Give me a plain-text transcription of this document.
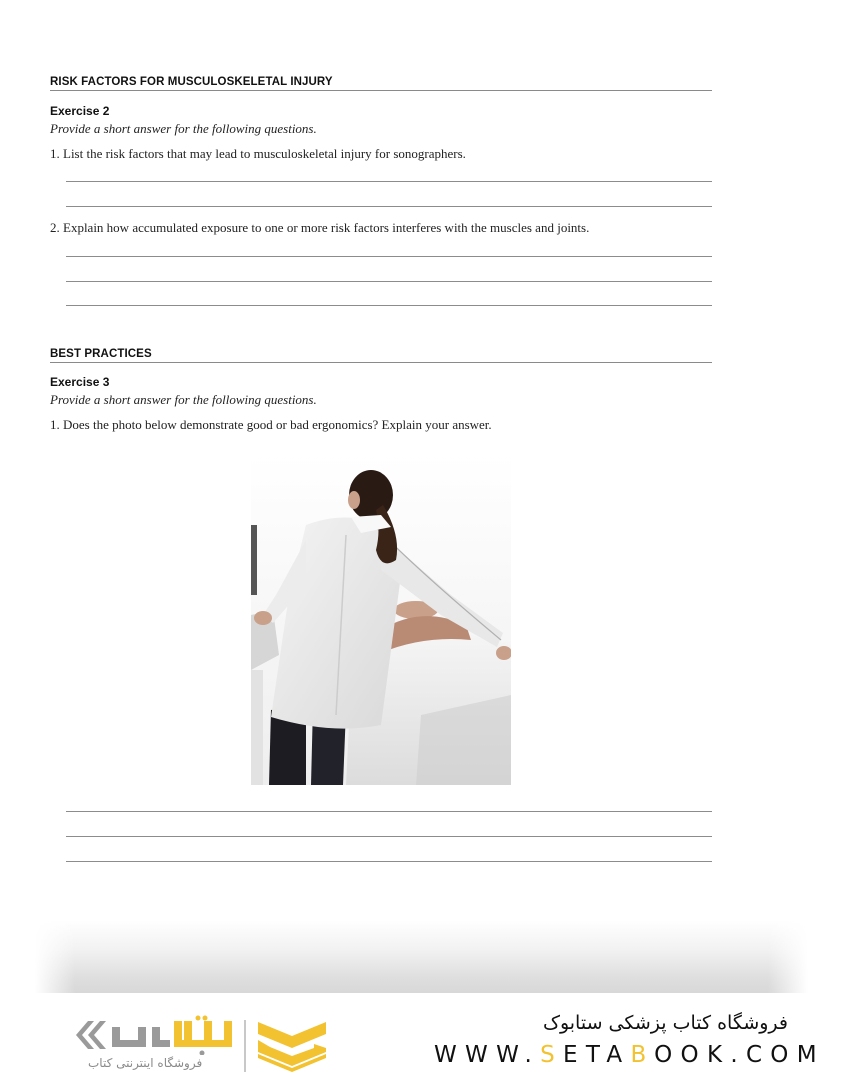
RISK FACTORS FOR MUSCULOSKELETAL INJURY
Exercise 2
Provide a short answer for the following questions.
1. List the risk factors that may lead to musculoskeletal injury for sonographers.
2. Explain how accumulated exposure to one or more risk factors interferes with the muscles and joints.
BEST PRACTICES
Exercise 3
Provide a short answer for the following questions.
1. Does the photo below demonstrate good or bad ergonomics? Explain your answer.
فروشگاه اینترنتی کتاب
فروشگاه کتاب پزشکی ستابوک
WWW.SETABOOK.COM
